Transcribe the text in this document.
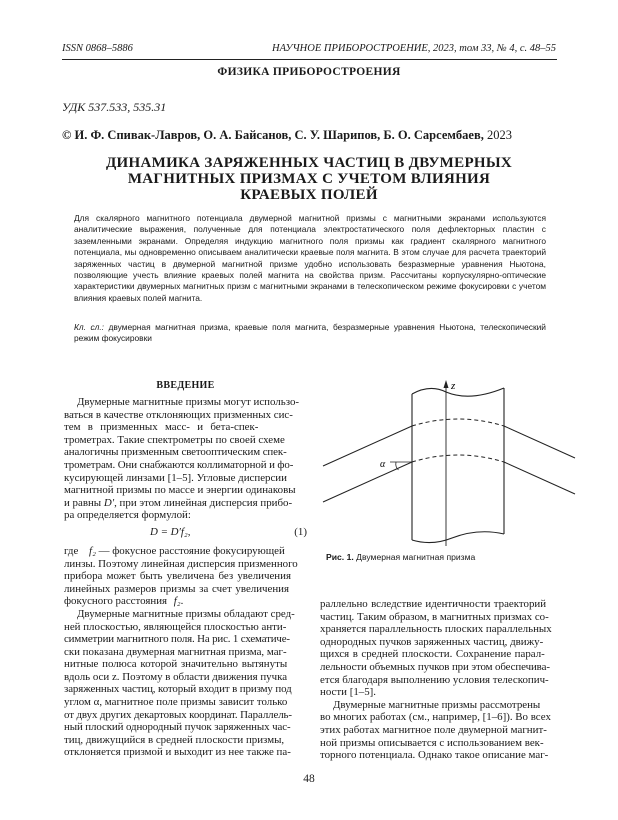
ISSN 0868–5886	НАУЧНОЕ ПРИБОРОСТРОЕНИЕ, 2023, том 33, № 4, с. 48–55
ФИЗИКА ПРИБОРОСТРОЕНИЯ
УДК 537.533, 535.31
© И. Ф. Спивак-Лавров, О. А. Байсанов, С. У. Шарипов, Б. О. Сарсембаев, 2023
ДИНАМИКА ЗАРЯЖЕННЫХ ЧАСТИЦ В ДВУМЕРНЫХ
МАГНИТНЫХ ПРИЗМАХ С УЧЕТОМ ВЛИЯНИЯ
КРАЕВЫХ ПОЛЕЙ
Для скалярного магнитного потенциала двумерной магнитной призмы с магнитными экранами используются аналитические выражения, полученные для потенциала электростатического поля дефлекторных пластин с заземленными экранами. Определяя индукцию магнитного поля призмы как градиент скалярного магнитного потенциала, мы одновременно описываем аналитически краевые поля магнита. В этом случае для расчета траекторий заряженных частиц в двумерной магнитной призме удобно использовать безразмерные уравнения Ньютона, позволяющие учесть влияние краевых полей магнита на свойства призм. Рассчитаны корпускулярно-оптические характеристики двумерных магнитных призм с магнитными экранами в телескопическом режиме фокусировки с учетом влияния краевых полей магнита.
Кл. сл.: двумерная магнитная призма, краевые поля магнита, безразмерные уравнения Ньютона, телескопический режим фокусировки
ВВЕДЕНИЕ
Двумерные магнитные призмы могут использо-
ваться в качестве отклоняющих призменных сис-
тем в призменных масс- и бета-спек-
трометрах. Такие спектрометры по своей схеме
аналогичны призменным светооптическим спек-
трометрам. Они снабжаются коллиматорной и фо-
кусирующей линзами [1–5]. Угловые дисперсии
магнитной призмы по массе и энергии одинаковы
и равны D′, при этом линейная дисперсия прибо-
ра определяется формулой:
D = D′f₂,	(1)
где f₂ — фокусное расстояние фокусирующей
линзы. Поэтому линейная дисперсия призменного
прибора может быть увеличена без увеличения
линейных размеров призмы за счет увеличения
фокусного расстояния f₂.
Двумерные магнитные призмы обладают сред-
ней плоскостью, являющейся плоскостью анти-
симметрии магнитного поля. На рис. 1 схематиче-
ски показана двумерная магнитная призма, маг-
нитные полюса которой значительно вытянуты
вдоль оси z. Поэтому в области движения пучка
заряженных частиц, который входит в призму под
углом α, магнитное поле призмы зависит только
от двух других декартовых координат. Параллель-
ный плоский однородный пучок заряженных час-
тиц, движущийся в средней плоскости призмы,
отклоняется призмой и выходит из нее также па-
z
α
Рис. 1. Двумерная магнитная призма
раллельно вследствие идентичности траекторий
частиц. Таким образом, в магнитных призмах со-
храняется параллельность плоских параллельных
однородных пучков заряженных частиц, движу-
щихся в средней плоскости. Сохранение парал-
лельности объемных пучков при этом обеспечива-
ется благодаря выполнению условия телескопич-
ности [1–5].
Двумерные магнитные призмы рассмотрены
во многих работах (см., например, [1–6]). Во всех
этих работах магнитное поле двумерной магнит-
ной призмы описывается с использованием век-
торного потенциала. Однако такое описание маг-
48
